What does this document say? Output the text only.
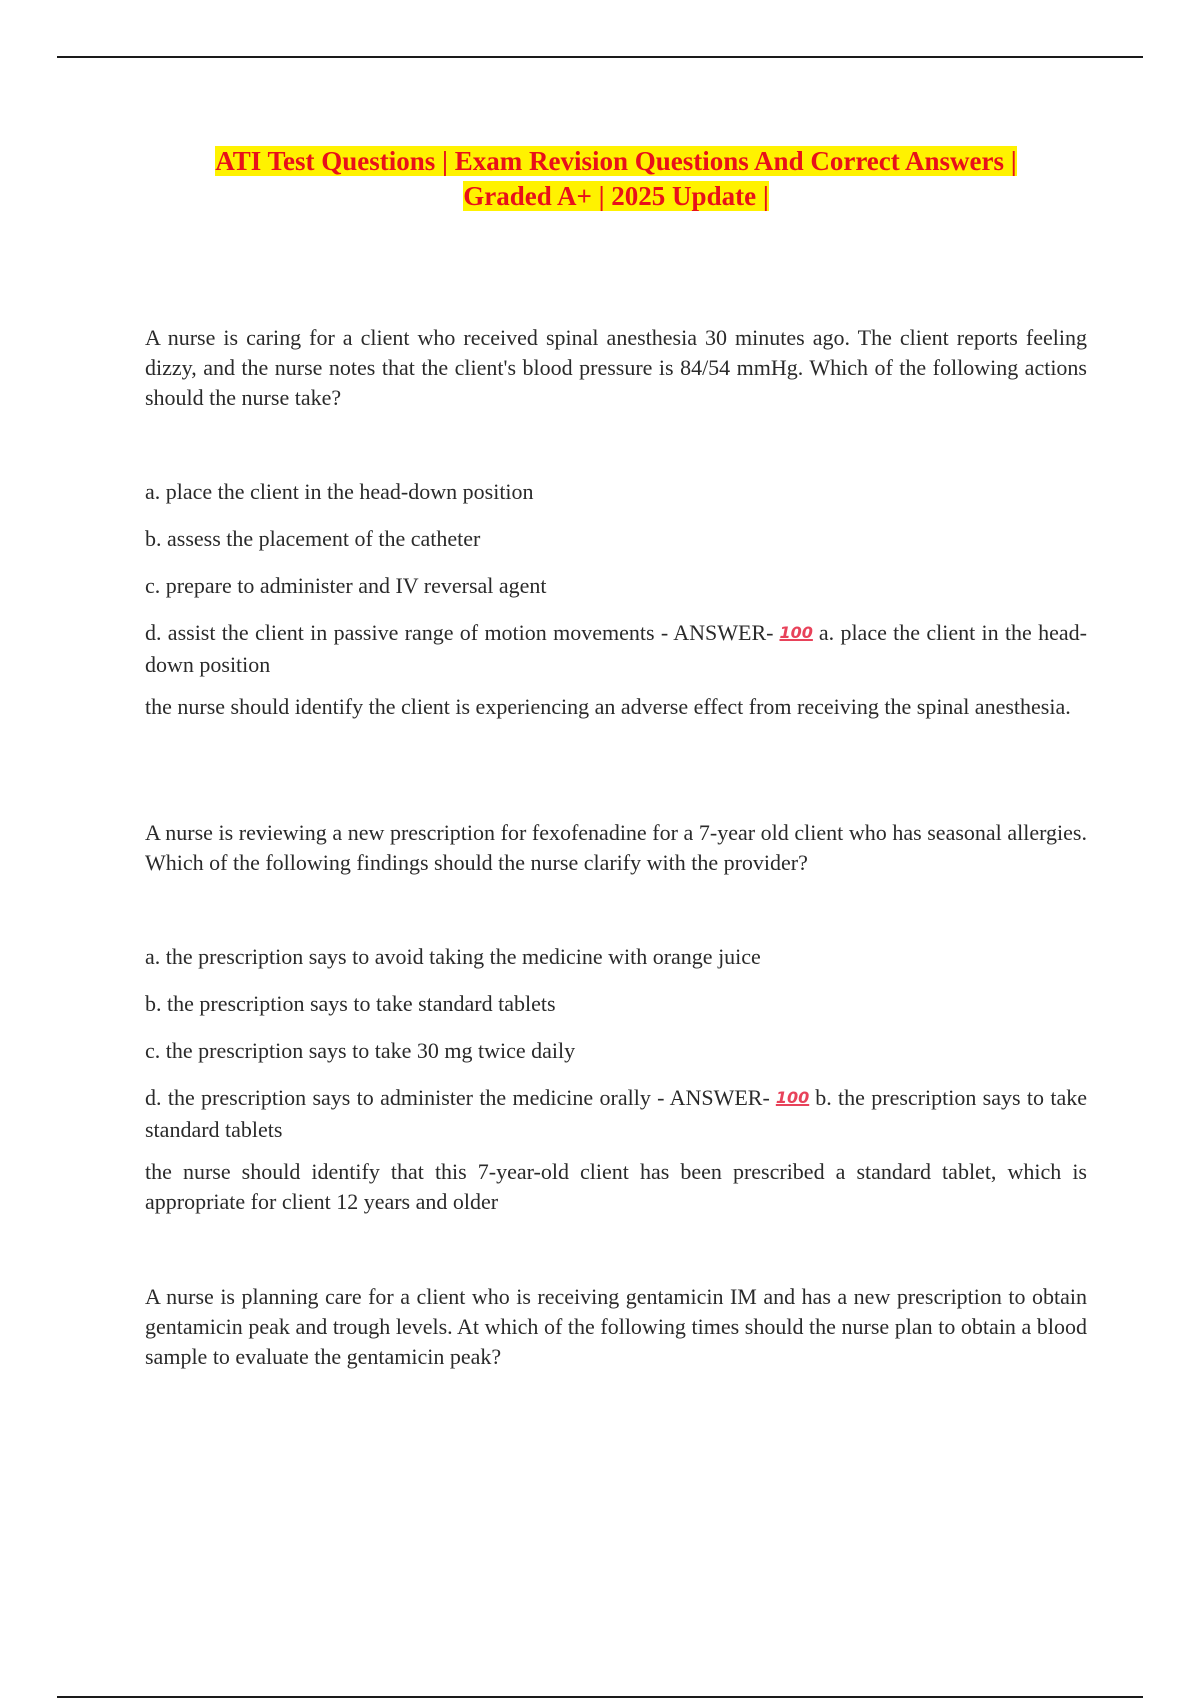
ATI Test Questions | Exam Revision Questions And Correct Answers |
Graded A+ | 2025 Update |

A nurse is caring for a client who received spinal anesthesia 30 minutes ago. The client reports feeling dizzy, and the nurse notes that the client's blood pressure is 84/54 mmHg. Which of the following actions should the nurse take?

a. place the client in the head-down position

b. assess the placement of the catheter

c. prepare to administer and IV reversal agent

d. assist the client in passive range of motion movements - ANSWER- 100 a. place the client in the head-down position

the nurse should identify the client is experiencing an adverse effect from receiving the spinal anesthesia.

A nurse is reviewing a new prescription for fexofenadine for a 7-year old client who has seasonal allergies. Which of the following findings should the nurse clarify with the provider?

a. the prescription says to avoid taking the medicine with orange juice

b. the prescription says to take standard tablets

c. the prescription says to take 30 mg twice daily

d. the prescription says to administer the medicine orally - ANSWER- 100 b. the prescription says to take standard tablets

the nurse should identify that this 7-year-old client has been prescribed a standard tablet, which is appropriate for client 12 years and older

A nurse is planning care for a client who is receiving gentamicin IM and has a new prescription to obtain gentamicin peak and trough levels. At which of the following times should the nurse plan to obtain a blood sample to evaluate the gentamicin peak?
